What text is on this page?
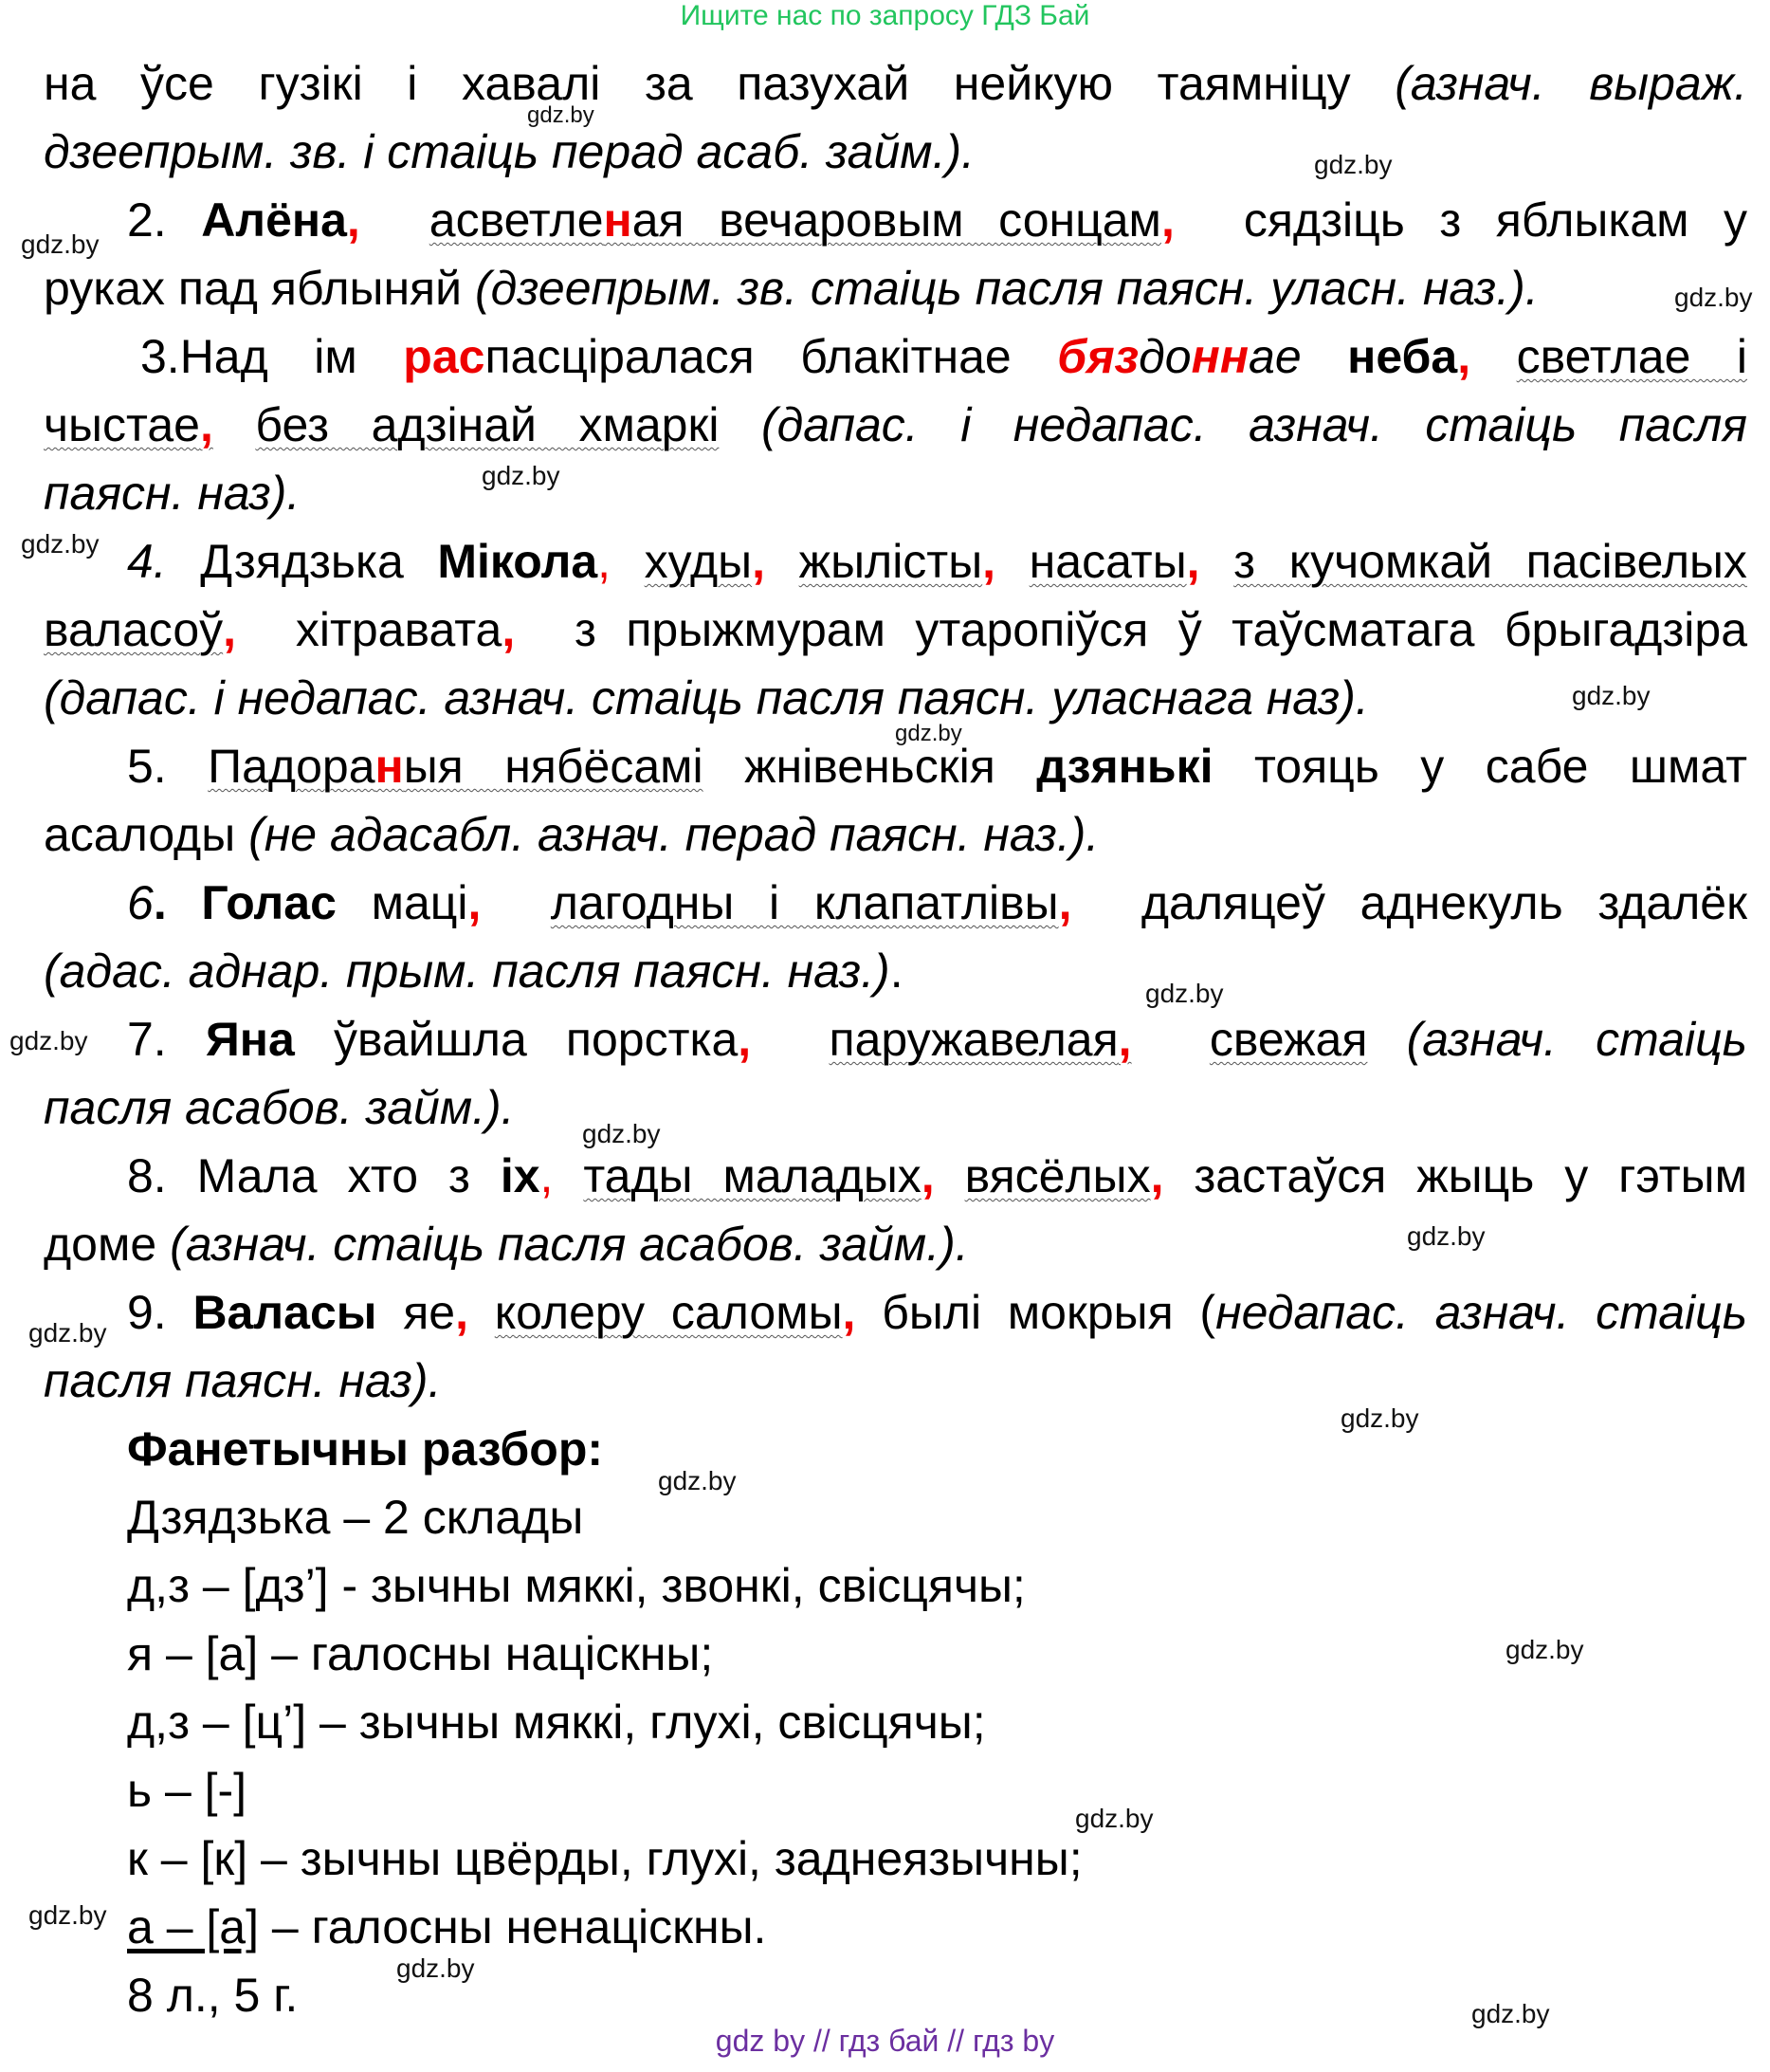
Ищите нас по запросу ГДЗ Бай
на ўсе гузікі і хавалі за пазухай нейкую таямніцу (азнач. выраж.
дзеепрым. зв. і стаіць перад асаб. займ.).
2. Алёна, асветленая вечаровым сонцам, сядзіць з яблыкам у
руках пад яблыняй (дзеепрым. зв. стаіць пасля паясн. уласн. наз.).
3.Над ім распасціралася блакітнае бяздоннае неба, светлае і
чыстае, без адзінай хмаркі (дапас. і недапас. азнач. стаіць пасля
паясн. наз).
4. Дзядзька Мікола, худы, жылісты, насаты, з кучомкай пасівелых
валасоў, хітравата, з прыжмурам утаропіўся ў таўсматага брыгадзіра
(дапас. і недапас. азнач. стаіць пасля паясн. уласнага наз).
5. Падораныя нябёсамі жнівеньскія дзянькі тояць у сабе шмат
асалоды (не адасабл. азнач. перад паясн. наз.).
6. Голас маці, лагодны і клапатлівы, даляцеў аднекуль здалёк
(адас. аднар. прым. пасля паясн. наз.).
7. Яна ўвайшла порстка, паружавелая, свежая (азнач. стаіць
пасля асабов. займ.).
8. Мала хто з іх, тады маладых, вясёлых, застаўся жыць у гэтым
доме (азнач. стаіць пасля асабов. займ.).
9. Валасы яе, колеру саломы, былі мокрыя (недапас. азнач. стаіць
пасля паясн. наз).
Фанетычны разбор:
Дзядзька – 2 склады
д,з – [дз’] - зычны мяккі, звонкі, свісцячы;
я – [а] – галосны націскны;
д,з – [ц’] – зычны мяккі, глухі, свісцячы;
ь – [-]
к – [к] – зычны цвёрды, глухі, заднеязычны;
а – [а] – галосны ненаціскны.
8 л., 5 г.
gdz.by
gdz.by
gdz.by
gdz.by
gdz.by
gdz.by
gdz.by
gdz.by
gdz.by
gdz.by
gdz.by
gdz.by
gdz.by
gdz.by
gdz.by
gdz.by
gdz.by
gdz.by
gdz.by
gdz.by
gdz by // гдз бай // гдз by
